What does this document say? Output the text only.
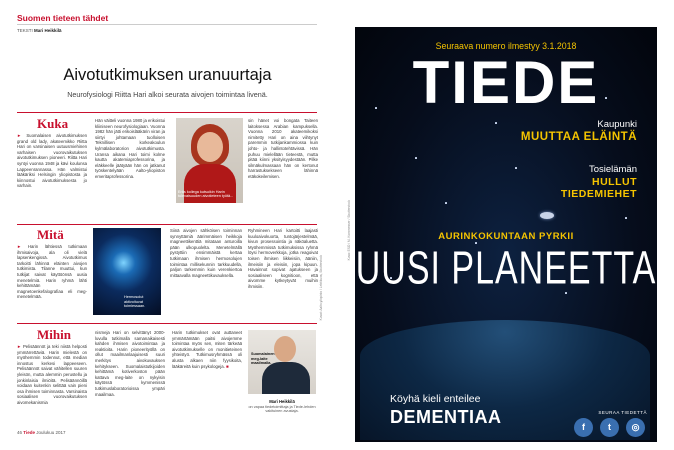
Suomen tieteen tähdet
TEKSTI Mari Heikkilä
Aivotutkimuksen uranuurtaja
Neurofysiologi Riitta Hari alkoi seurata aivojen toimintaa livenä.
Kuka
► Suomalaisen aivotutkimuksen grand old lady, akateemikko Riitta Hari on varsinaisen uutuusmiehinen varhaisen vuorovaikutuksen aivotutkimuksen pioneeri. Riitta Hari syntyi vuonna 1948 ja kävi koulunsa Lappeenrannassa. Hän valmistui lääkäriksi Helsingin yliopistosta ja kiinnostui aivotutkimuksesta jo varhain.
Hän väitteli vuonna 1980 ja erikoistui kliiniseen neurofysiologiaan. Vuonna 1982 hän jätti erikoislääkärin viran ja siirtyi johtamaan tuolloisen Teknillisen korkeakoulun kylmälaboratorion aivotutkimusta. Uransa aikana Hari toimi kolme kautta akatemiaprofessorina, ja eläkkeelle jäätyään hän on jatkanut työskentelyään Aalto-yliopiston emeritaprofessorina.
Eräs kollega kutsuikin Harin tulevaisuuden aivotieteen työtä...
sin hänet voi bongata Taiteen laitoksessa Arabian kampuksella. Vuonna 2010 akateemikoksi nimitetty Hari on aina viihtynyt paremmin tutkijankammiossa kuin johto- ja hallintotehtävissä. Hän puhuu mielellään tieteestä, mutta pitää kiinni yksityisyydestään. Pilke silmäkulmassaan hän on kertonut harrastuksekseen lähinnä etäkokeilemisen.
Mitä
► Harin lähtiessä tutkimaan ihmisaivoja, ala oli vielä lapsenkengissä. Aivotutkimus tarkoitti lähinnä eläinten aivojen tutkimista. Tilanne muuttui, kun tutkijat saivat käyttöönsä uusia menetelmiä. Harin ryhmä lähti kehittämään magnetoenkefalografiaa eli meg-menetelmää.	Hermosolut aktivoituvat toimiessaan.
Siinä aivojen sähköisen toiminnan synnyttämiä äärimmäisen heikkoja magneettikenttiä mitataan anturoilla pään ulkopuolelta. Menetelmällä pystyttiin ensimmäistä kertaa tutkimaan ihmisen hermosolujen toimintaa millisekunnin tarkkuudella, paljon tarkemmin kuin verenkiertoa mittaavalla magneettikuvauksella.
Ryhmineen Hari kartoitti laajasti kuuloaivokuorta, tuntojärjestelmää, kivun prosessointia ja näköaluetta. Myöhemmissä tutkimuksissa ryhmä löysi hermoverkkoja, jotka reagoivat toisen ihmisen liikkeisiin, ääniin, ilmeisiin ja eleisiin, jopa kipuun. Havainnot sopivat ajatukseen ja sosiaaliseen kognitioon, että aivomme kytkeytyvät muihin ihmisiin.
Mihin
► Pelisäännöt ja teki niistä helposti ymmärrettäviä. Harin mielestä on myöhemmin todennut, että median innostus kerkesi lappeeseen. Pelisäännöt saivat vähitellen suuren yleisön, mutta alemmin perustellu ja jonkinlaisia ilmiöitä. Pelisäännöillä voidaan kuitenkin selittää vain pieni osa ihmisen toiminnasta. Varsinaista sosiaalisen vuorovaikutuksen aivomekanismia
nismeja Hari on selvittänyt 2000-luvulla tutkimalla samanaikaisesti kahden ihmisen aivotoimintaa ja reaktioita. Harin pioneerityöllä on ollut maailmanlaajuisesti suuri merkitys aivokuvauksen kehitykseen. Suomalaistutkijoiden kehittämä kotiverkoston pään kattava meg-laite on nykyisin käytössä kymmenissä tutkimuslaboratorioissa ympäri maailmaa.
Harin tutkimukset ovat auttaneet ymmärtämään paitsi aivojemme toimintaa myös sen, miten tärkeää aivotutkimukselle on monitieteinen yhteistyö. Tutkimusryhmässä oli alusta alkaen niin fyysikoita, lääkäreitä kuin psykologeja. ■
Suomalainen meg-laite maailmalla.
Mari Heikkilä
on vapaa tiedetoimittaja ja Tiede-lehden vakituinen avustaja.
Kuvat: Aalto-yliopisto / Lehtikuva, Shutterstock
46 Tiede Joulukuu 2017
Kuva: ESO / M. Kornmesser / Shutterstock
Seuraava numero ilmestyy 3.1.2018
TIEDE
Kaupunki
MUUTTAA ELÄINTÄ
Tosielämän
HULLUT TIEDEMIEHET
AURINKOKUNTAAN PYRKII
UUSI PLANEETTA
Köyhä kieli enteilee
DEMENTIAA	SEURAA TIEDETTÄ
f	t	◎
